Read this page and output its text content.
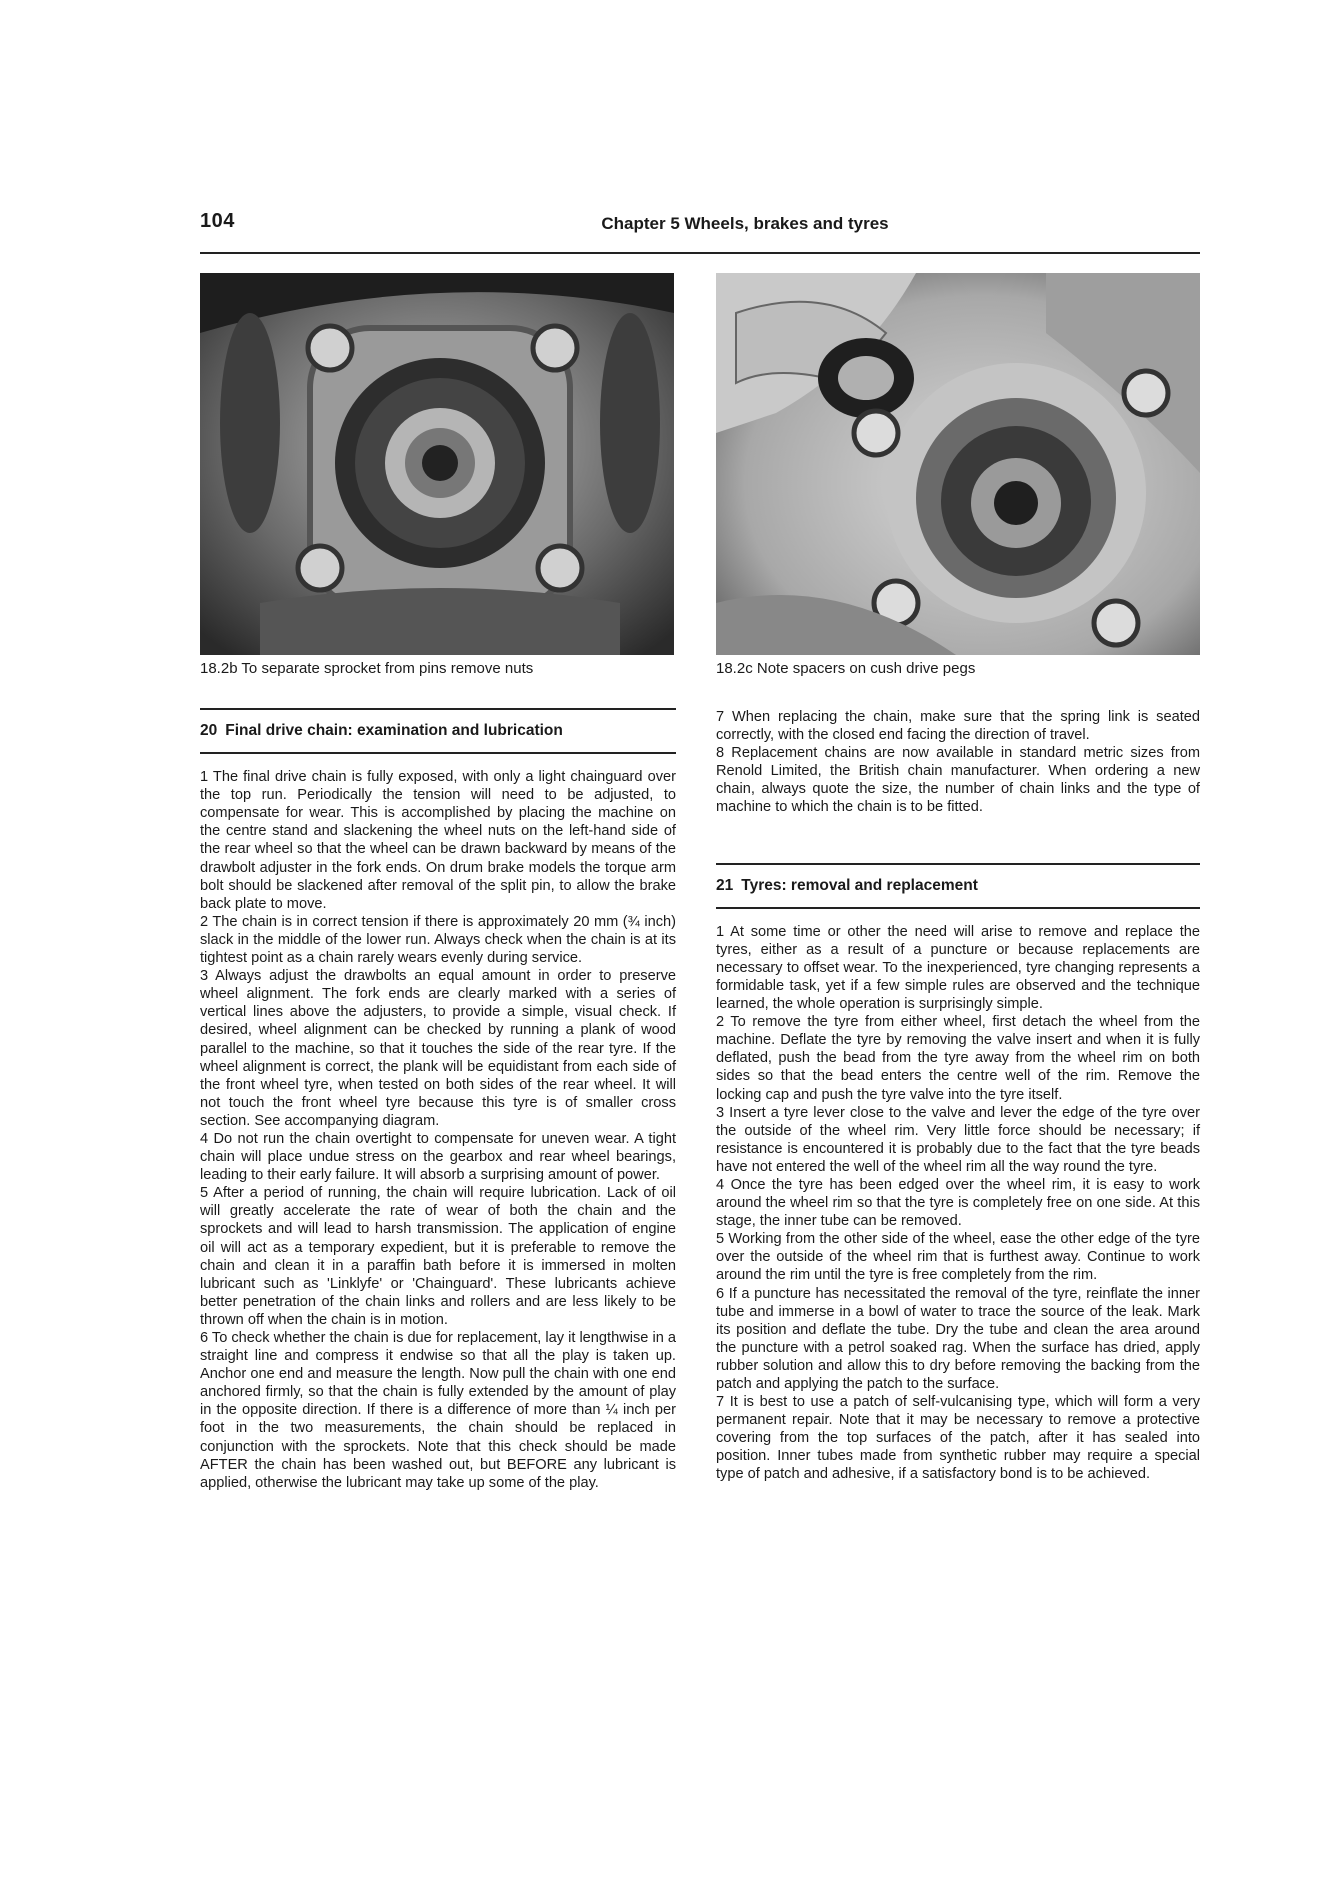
104	Chapter 5 Wheels, brakes and tyres
18.2b To separate sprocket from pins remove nuts	18.2c Note spacers on cush drive pegs
20 Final drive chain: examination and lubrication

1 The final drive chain is fully exposed, with only a light chainguard over the top run. Periodically the tension will need to be adjusted, to compensate for wear. This is accomplished by placing the machine on the centre stand and slackening the wheel nuts on the left-hand side of the rear wheel so that the wheel can be drawn backward by means of the drawbolt adjuster in the fork ends. On drum brake models the torque arm bolt should be slackened after removal of the split pin, to allow the brake back plate to move.

2 The chain is in correct tension if there is approximately 20 mm (¾ inch) slack in the middle of the lower run. Always check when the chain is at its tightest point as a chain rarely wears evenly during service.

3 Always adjust the drawbolts an equal amount in order to preserve wheel alignment. The fork ends are clearly marked with a series of vertical lines above the adjusters, to provide a simple, visual check. If desired, wheel alignment can be checked by running a plank of wood parallel to the machine, so that it touches the side of the rear tyre. If the wheel alignment is correct, the plank will be equidistant from each side of the front wheel tyre, when tested on both sides of the rear wheel. It will not touch the front wheel tyre because this tyre is of smaller cross section. See accompanying diagram.

4 Do not run the chain overtight to compensate for uneven wear. A tight chain will place undue stress on the gearbox and rear wheel bearings, leading to their early failure. It will absorb a surprising amount of power.

5 After a period of running, the chain will require lubrication. Lack of oil will greatly accelerate the rate of wear of both the chain and the sprockets and will lead to harsh transmission. The application of engine oil will act as a temporary expedient, but it is preferable to remove the chain and clean it in a paraffin bath before it is immersed in molten lubricant such as 'Linklyfe' or 'Chainguard'. These lubricants achieve better penetration of the chain links and rollers and are less likely to be thrown off when the chain is in motion.

6 To check whether the chain is due for replacement, lay it lengthwise in a straight line and compress it endwise so that all the play is taken up. Anchor one end and measure the length. Now pull the chain with one end anchored firmly, so that the chain is fully extended by the amount of play in the opposite direction. If there is a difference of more than ¼ inch per foot in the two measurements, the chain should be replaced in conjunction with the sprockets. Note that this check should be made AFTER the chain has been washed out, but BEFORE any lubricant is applied, otherwise the lubricant may take up some of the play.

7 When replacing the chain, make sure that the spring link is seated correctly, with the closed end facing the direction of travel.

8 Replacement chains are now available in standard metric sizes from Renold Limited, the British chain manufacturer. When ordering a new chain, always quote the size, the number of chain links and the type of machine to which the chain is to be fitted.

21 Tyres: removal and replacement

1 At some time or other the need will arise to remove and replace the tyres, either as a result of a puncture or because replacements are necessary to offset wear. To the inexperienced, tyre changing represents a formidable task, yet if a few simple rules are observed and the technique learned, the whole operation is surprisingly simple.

2 To remove the tyre from either wheel, first detach the wheel from the machine. Deflate the tyre by removing the valve insert and when it is fully deflated, push the bead from the tyre away from the wheel rim on both sides so that the bead enters the centre well of the rim. Remove the locking cap and push the tyre valve into the tyre itself.

3 Insert a tyre lever close to the valve and lever the edge of the tyre over the outside of the wheel rim. Very little force should be necessary; if resistance is encountered it is probably due to the fact that the tyre beads have not entered the well of the wheel rim all the way round the tyre.

4 Once the tyre has been edged over the wheel rim, it is easy to work around the wheel rim so that the tyre is completely free on one side. At this stage, the inner tube can be removed.

5 Working from the other side of the wheel, ease the other edge of the tyre over the outside of the wheel rim that is furthest away. Continue to work around the rim until the tyre is free completely from the rim.

6 If a puncture has necessitated the removal of the tyre, reinflate the inner tube and immerse in a bowl of water to trace the source of the leak. Mark its position and deflate the tube. Dry the tube and clean the area around the puncture with a petrol soaked rag. When the surface has dried, apply rubber solution and allow this to dry before removing the backing from the patch and applying the patch to the surface.

7 It is best to use a patch of self-vulcanising type, which will form a very permanent repair. Note that it may be necessary to remove a protective covering from the top surfaces of the patch, after it has sealed into position. Inner tubes made from synthetic rubber may require a special type of patch and adhesive, if a satisfactory bond is to be achieved.
